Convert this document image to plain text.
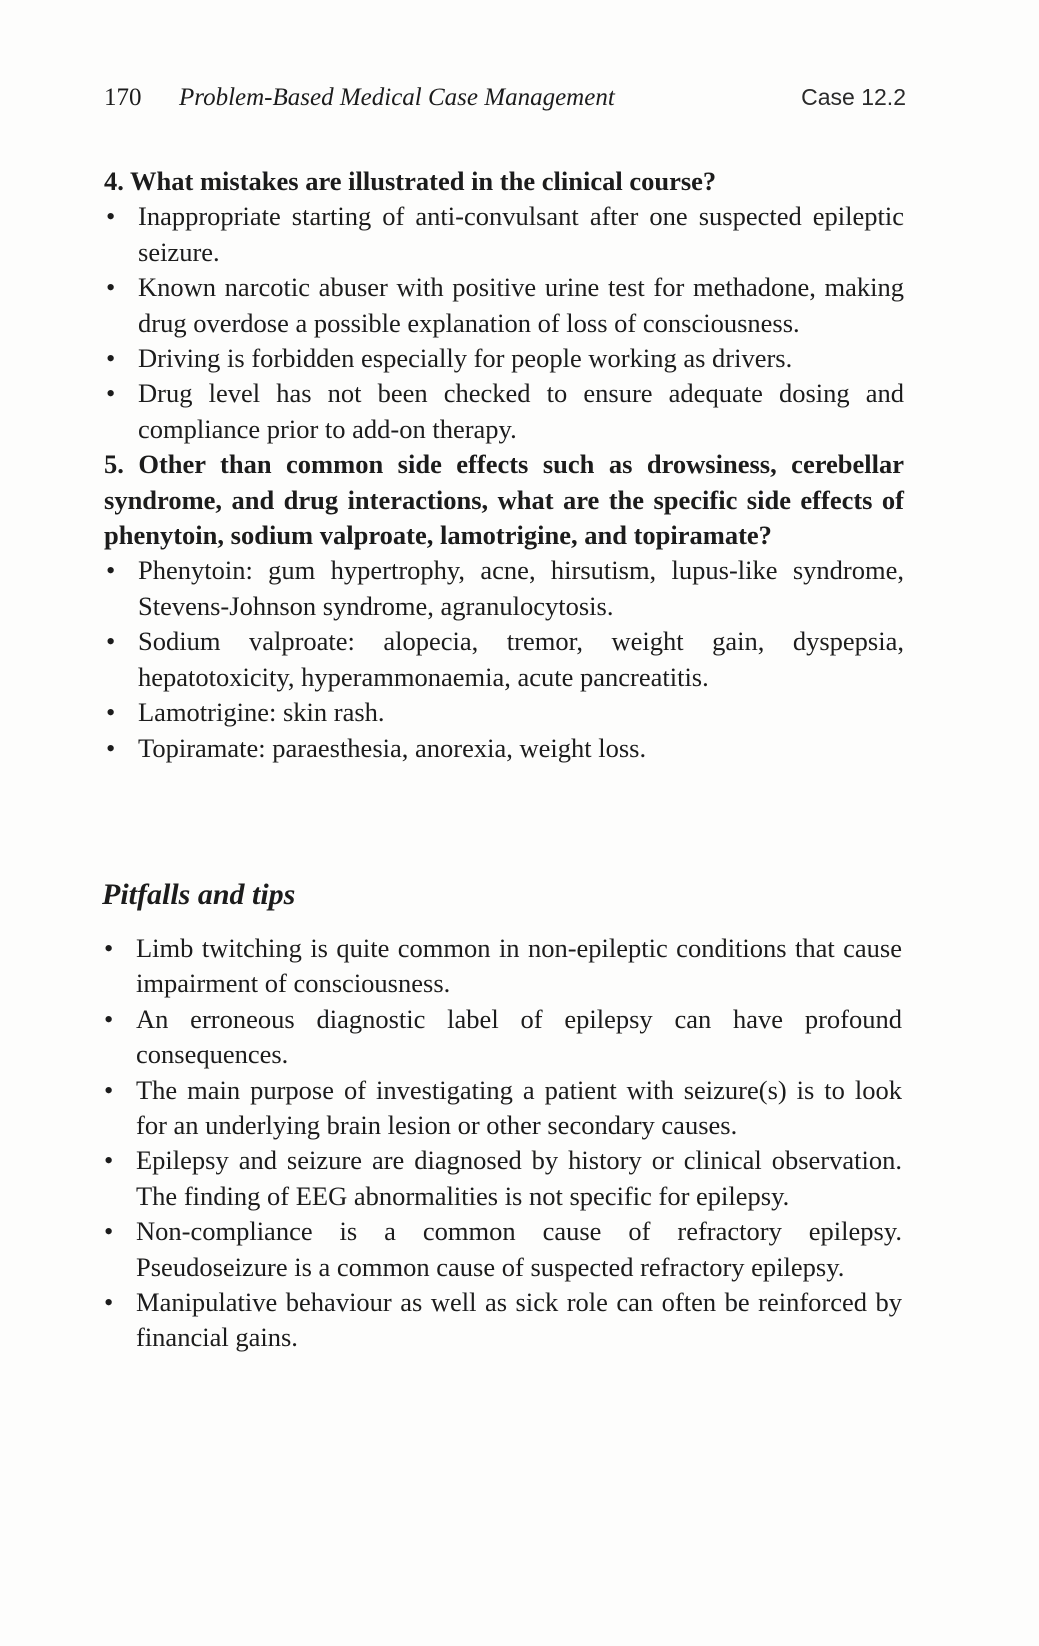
170 Problem-Based Medical Case Management	Case 12.2

4. What mistakes are illustrated in the clinical course?

• Inappropriate starting of anti-convulsant after one suspected epileptic seizure.
• Known narcotic abuser with positive urine test for methadone, making drug overdose a possible explanation of loss of consciousness.
• Driving is forbidden especially for people working as drivers.
• Drug level has not been checked to ensure adequate dosing and compliance prior to add-on therapy.

5. Other than common side effects such as drowsiness, cerebellar syndrome, and drug interactions, what are the specific side effects of phenytoin, sodium valproate, lamotrigine, and topiramate?

• Phenytoin: gum hypertrophy, acne, hirsutism, lupus-like syndrome, Stevens-Johnson syndrome, agranulocytosis.
• Sodium valproate: alopecia, tremor, weight gain, dyspepsia, hepatotoxicity, hyperammonaemia, acute pancreatitis.
• Lamotrigine: skin rash.
• Topiramate: paraesthesia, anorexia, weight loss.
Pitfalls and tips
• Limb twitching is quite common in non-epileptic conditions that cause impairment of consciousness.
• An erroneous diagnostic label of epilepsy can have profound consequences.
• The main purpose of investigating a patient with seizure(s) is to look for an underlying brain lesion or other secondary causes.
• Epilepsy and seizure are diagnosed by history or clinical observation. The finding of EEG abnormalities is not specific for epilepsy.
• Non-compliance is a common cause of refractory epilepsy. Pseudoseizure is a common cause of suspected refractory epilepsy.
• Manipulative behaviour as well as sick role can often be reinforced by financial gains.
